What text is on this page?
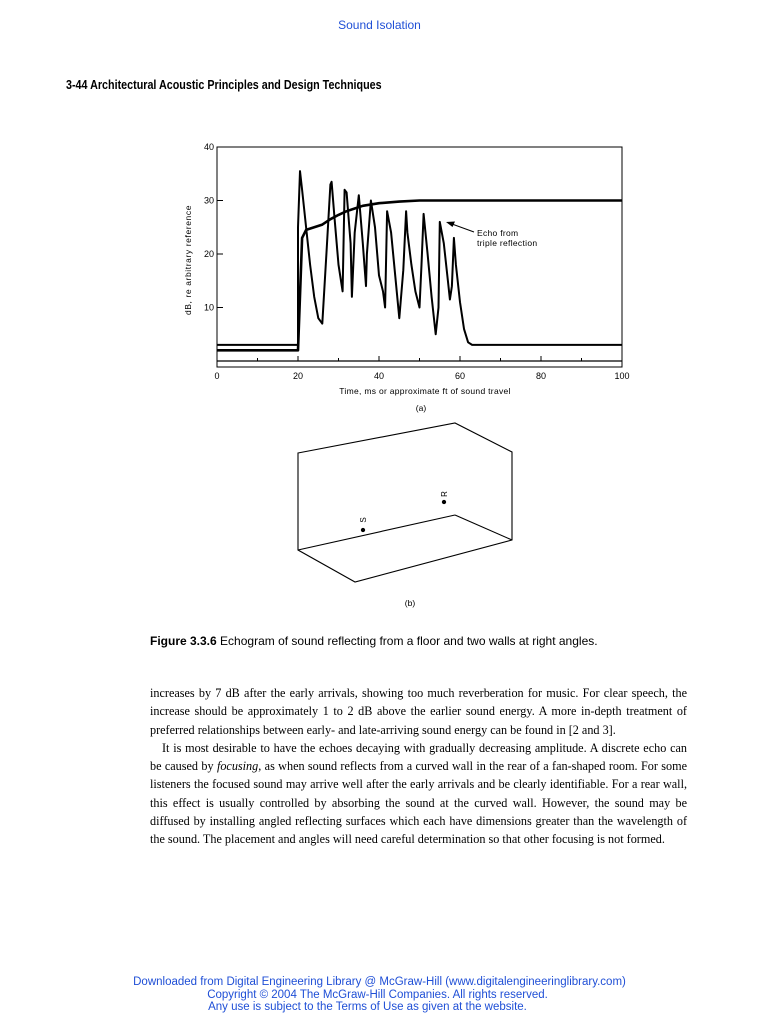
Sound Isolation
3-44 Architectural Acoustic Principles and Design Techniques
0	20	40	60	80	100
10
20
30
40
dB, re arbitrary reference
Time, ms or approximate ft of sound travel
(a)
Echo from
triple reflection
S
R
(b)
Figure 3.3.6 Echogram of sound reflecting from a floor and two walls at right angles.

increases by 7 dB after the early arrivals, showing too much reverberation for music. For clear speech, the increase should be approximately 1 to 2 dB above the earlier sound energy. A more in-depth treatment of preferred relationships between early- and late-arriving sound energy can be found in [2 and 3].

It is most desirable to have the echoes decaying with gradually decreasing amplitude. A discrete echo can be caused by focusing, as when sound reflects from a curved wall in the rear of a fan-shaped room. For some listeners the focused sound may arrive well after the early arrivals and be clearly identifiable. For a rear wall, this effect is usually controlled by absorbing the sound at the curved wall. However, the sound may be diffused by installing angled reflecting surfaces which each have dimensions greater than the wavelength of the sound. The placement and angles will need careful determination so that other focusing is not formed.

Downloaded from Digital Engineering Library @ McGraw-Hill (www.digitalengineeringlibrary.com)
Copyright © 2004 The McGraw-Hill Companies. All rights reserved.
Any use is subject to the Terms of Use as given at the website.
